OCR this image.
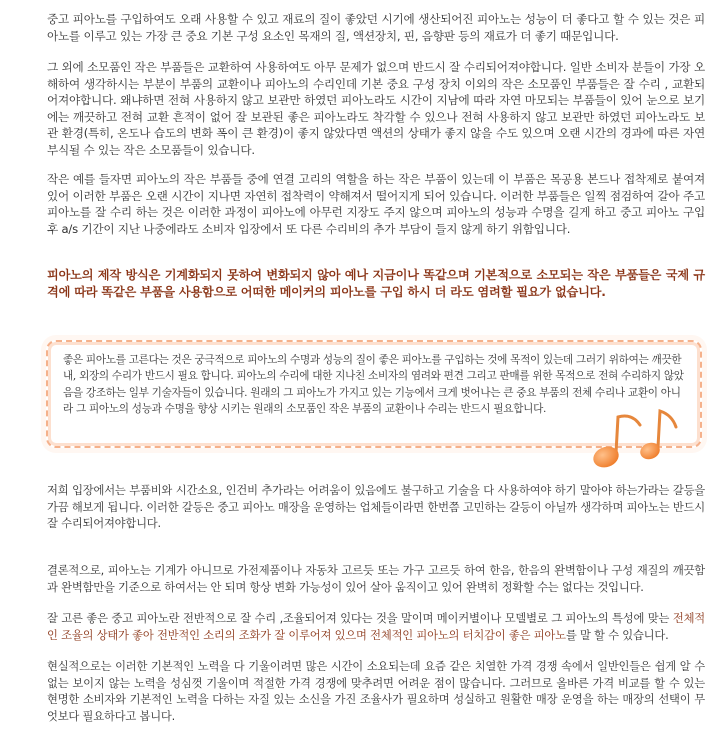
중고 피아노를 구입하여도 오래 사용할 수 있고 재료의 질이 좋았던 시기에 생산되어진 피아노는 성능이 더 좋다고 할 수 있는 것은 피아노를 이루고 있는 가장 큰 중요 기본 구성 요소인 목재의 질, 액션장치, 핀, 음향판 등의 재료가 더 좋기 때문입니다.

그 외에 소모품인 작은 부품들은 교환하여 사용하여도 아무 문제가 없으며 반드시 잘 수리되어져야합니다. 일반 소비자 분들이 가장 오해하여 생각하시는 부분이 부품의 교환이나 피아노의 수리인데 기본 중요 구성 장치 이외의 작은 소모품인 부품들은 잘 수리 , 교환되어져야합니다. 왜냐하면 전혀 사용하지 않고 보관만 하였던 피아노라도 시간이 지남에 따라 자연 마모되는 부품들이 있어 눈으로 보기에는 깨끗하고 전혀 교환 흔적이 없어 잘 보관된 좋은 피아노라도 착각할 수 있으나 전혀 사용하지 않고 보관만 하였던 피아노라도 보관 환경(특히, 온도나 습도의 변화 폭이 큰 환경)이 좋지 않았다면 액션의 상태가 좋지 않을 수도 있으며 오랜 시간의 경과에 따른 자연 부식될 수 있는 작은 소모품들이 있습니다.

작은 예를 들자면 피아노의 작은 부품들 중에 연결 고리의 역할을 하는 작은 부품이 있는데 이 부품은 목공용 본드나 접착제로 붙여져 있어 이러한 부품은 오랜 시간이 지나면 자연히 접착력이 약해져서 떨어지게 되어 있습니다. 이러한 부품들은 일찍 점검하여 갈아 주고 피아노를 잘 수리 하는 것은 이러한 과정이 피아노에 아무런 지장도 주지 않으며 피아노의 성능과 수명을 길게 하고 중고 피아노 구입 후 a/s 기간이 지난 나중에라도 소비자 입장에서 또 다른 수리비의 추가 부담이 들지 않게 하기 위함입니다.

피아노의 제작 방식은 기계화되지 못하여 변화되지 않아 예나 지금이나 똑같으며 기본적으로 소모되는 작은 부품들은 국제 규격에 따라 똑같은 부품을 사용함으로 어떠한 메이커의 피아노를 구입 하시 더 라도 염려할 필요가 없습니다.

좋은 피아노를 고른다는 것은 궁극적으로 피아노의 수명과 성능의 질이 좋은 피아노를 구입하는 것에 목적이 있는데 그러기 위하여는 깨끗한 내, 외장의 수리가 반드시 필요 합니다. 피아노의 수리에 대한 지나친 소비자의 염려와 편견 그리고 판매를 위한 목적으로 전혀 수리하지 않았음을 강조하는 일부 기술자들이 있습니다. 원래의 그 피아노가 가지고 있는 기능에서 크게 벗어나는 큰 중요 부품의 전체 수리나 교환이 아니라 그 피아노의 성능과 수명을 향상 시키는 원래의 소모품인 작은 부품의 교환이나 수리는 반드시 필요합니다.

저희 입장에서는 부품비와 시간소요, 인건비 추가라는 어려움이 있음에도 불구하고 기술을 다 사용하여야 하기 말아야 하는가라는 갈등을 가끔 해보게 됩니다. 이러한 갈등은 중고 피아노 매장을 운영하는 업체들이라면 한번쯤 고민하는 갈등이 아닐까 생각하며 피아노는 반드시 잘 수리되어져야합니다.

결론적으로, 피아노는 기계가 아니므로 가전제품이나 자동차 고르듯 또는 가구 고르듯 하여 한음, 한음의 완벽함이나 구성 재질의 깨끗함과 완벽함만을 기준으로 하여서는 안 되며 항상 변화 가능성이 있어 살아 움직이고 있어 완벽히 정확할 수는 없다는 것입니다.

잘 고른 좋은 중고 피아노란 전반적으로 잘 수리 ,조율되어져 있다는 것을 말이며 메이커별이나 모델별로 그 피아노의 특성에 맞는 전체적인 조율의 상태가 좋아 전반적인 소리의 조화가 잘 이루어져 있으며 전체적인 피아노의 터치감이 좋은 피아노를 말 할 수 있습니다.

현실적으로는 이러한 기본적인 노력을 다 기울이려면 많은 시간이 소요되는데 요즘 같은 치열한 가격 경쟁 속에서 일반인들은 쉽게 알 수 없는 보이지 않는 노력을 성심껏 기울이며 적절한 가격 경쟁에 맞추려면 어려운 점이 많습니다. 그러므로 올바른 가격 비교를 할 수 있는 현명한 소비자와 기본적인 노력을 다하는 자질 있는 소신을 가진 조율사가 필요하며 성실하고 원활한 매장 운영을 하는 매장의 선택이 무엇보다 필요하다고 봅니다.
